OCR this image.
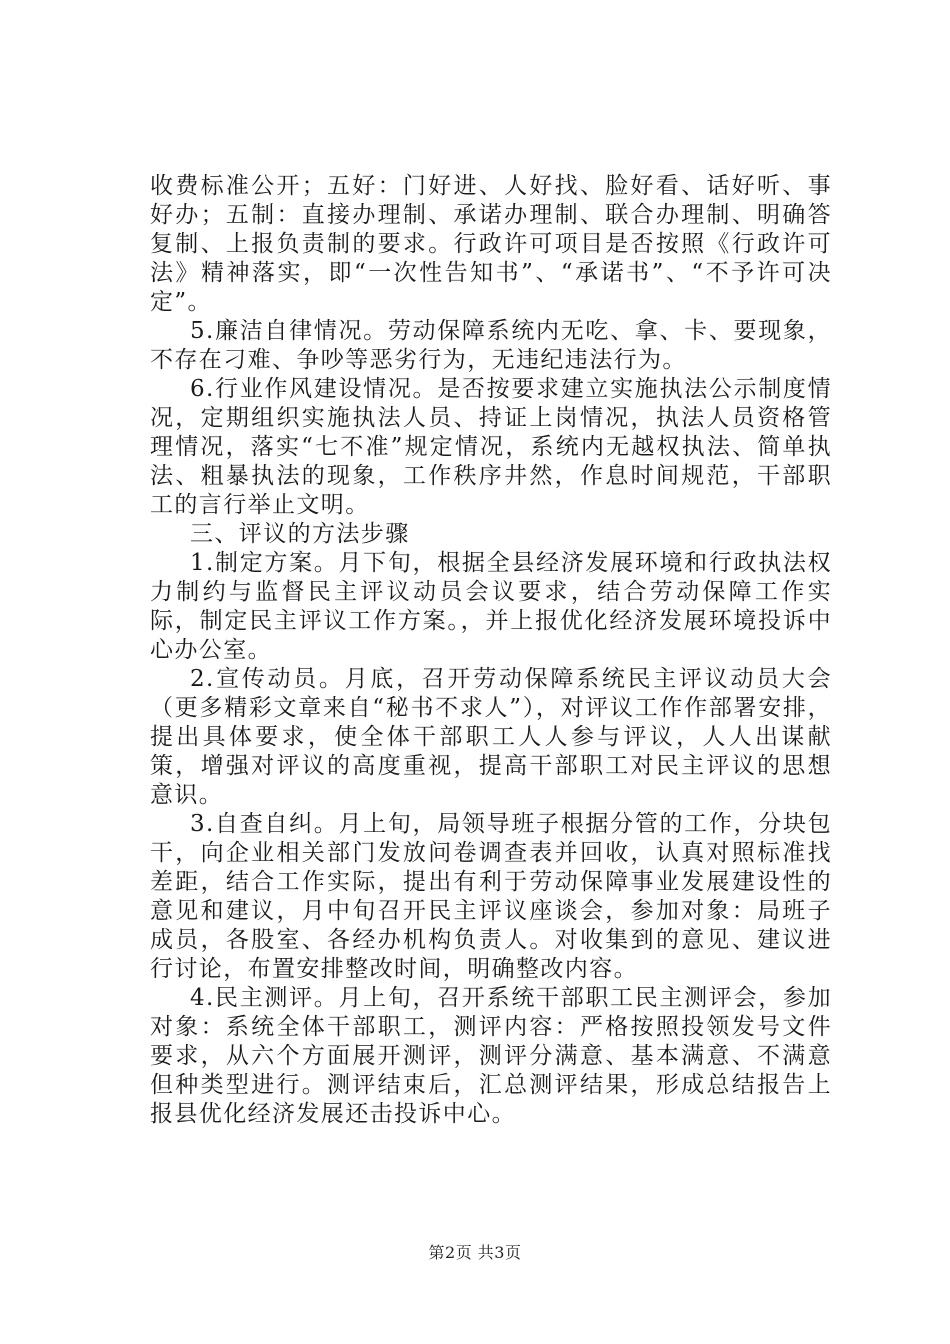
收费标准公开；五好：门好进、人好找、脸好看、话好听、事好办；五制：直接办理制、承诺办理制、联合办理制、明确答复制、上报负责制的要求。行政许可项目是否按照《行政许可法》精神落实，即“一次性告知书”、“承诺书”、“不予许可决定”。

5.廉洁自律情况。劳动保障系统内无吃、拿、卡、要现象，不存在刁难、争吵等恶劣行为，无违纪违法行为。

6.行业作风建设情况。是否按要求建立实施执法公示制度情况，定期组织实施执法人员、持证上岗情况，执法人员资格管理情况，落实“七不准”规定情况，系统内无越权执法、简单执法、粗暴执法的现象，工作秩序井然，作息时间规范，干部职工的言行举止文明。

三、评议的方法步骤

1.制定方案。月下旬，根据全县经济发展环境和行政执法权力制约与监督民主评议动员会议要求，结合劳动保障工作实际，制定民主评议工作方案。，并上报优化经济发展环境投诉中心办公室。

2.宣传动员。月底，召开劳动保障系统民主评议动员大会（更多精彩文章来自“秘书不求人”），对评议工作作部署安排，提出具体要求，使全体干部职工人人参与评议，人人出谋献策，增强对评议的高度重视，提高干部职工对民主评议的思想意识。

3.自查自纠。月上旬，局领导班子根据分管的工作，分块包干，向企业相关部门发放问卷调查表并回收，认真对照标准找差距，结合工作实际，提出有利于劳动保障事业发展建设性的意见和建议，月中旬召开民主评议座谈会，参加对象：局班子成员，各股室、各经办机构负责人。对收集到的意见、建议进行讨论，布置安排整改时间，明确整改内容。

4.民主测评。月上旬，召开系统干部职工民主测评会，参加对象：系统全体干部职工，测评内容：严格按照投领发号文件要求，从六个方面展开测评，测评分满意、基本满意、不满意但种类型进行。测评结束后，汇总测评结果，形成总结报告上报县优化经济发展还击投诉中心。

第2页 共3页
